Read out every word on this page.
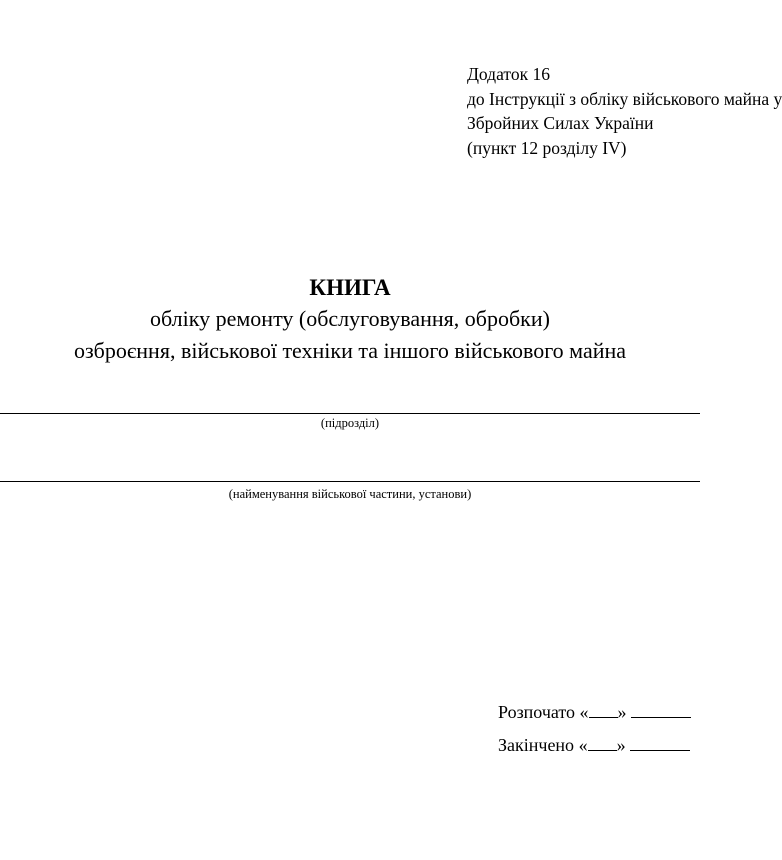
Додаток 16
до Інструкції з обліку військового майна у
Збройних Силах України
(пункт 12 розділу IV)
КНИГА
обліку ремонту (обслуговування, обробки)
озброєння, військової техніки та іншого військового майна
(підрозділ)
(найменування військової частини, установи)
Розпочато « »
Закінчено « »
